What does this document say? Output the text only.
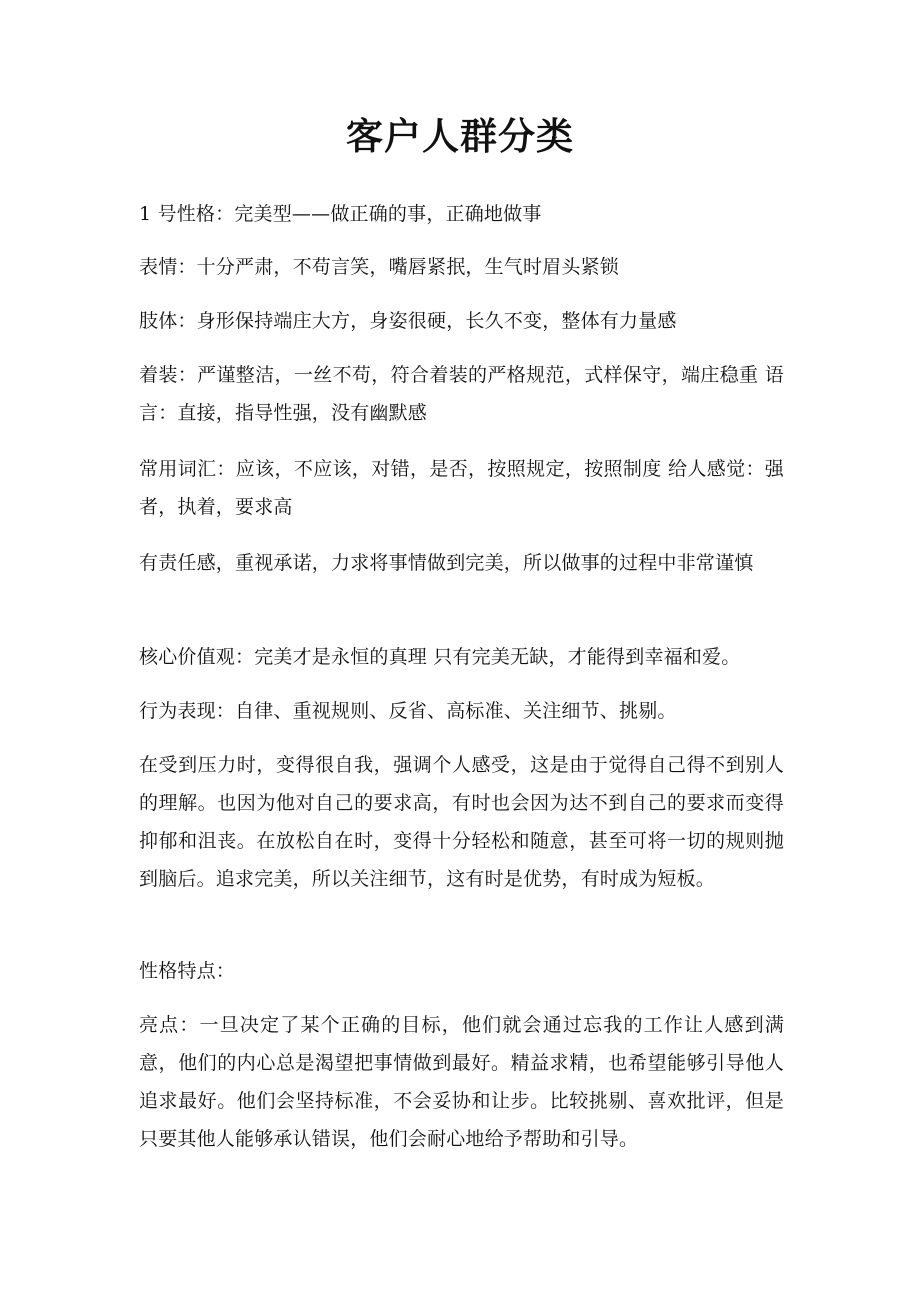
客户人群分类

1 号性格：完美型——做正确的事，正确地做事

表情：十分严肃，不苟言笑，嘴唇紧抿，生气时眉头紧锁

肢体：身形保持端庄大方，身姿很硬，长久不变，整体有力量感

着装：严谨整洁，一丝不苟，符合着装的严格规范，式样保守，端庄稳重 语言：直接，指导性强，没有幽默感

常用词汇：应该，不应该，对错，是否，按照规定，按照制度 给人感觉：强者，执着，要求高

有责任感，重视承诺，力求将事情做到完美，所以做事的过程中非常谨慎

核心价值观：完美才是永恒的真理 只有完美无缺，才能得到幸福和爱。

行为表现：自律、重视规则、反省、高标准、关注细节、挑剔。

在受到压力时，变得很自我，强调个人感受，这是由于觉得自己得不到别人的理解。也因为他对自己的要求高，有时也会因为达不到自己的要求而变得抑郁和沮丧。在放松自在时，变得十分轻松和随意，甚至可将一切的规则抛到脑后。追求完美，所以关注细节，这有时是优势，有时成为短板。

性格特点：

亮点：一旦决定了某个正确的目标，他们就会通过忘我的工作让人感到满意，他们的内心总是渴望把事情做到最好。精益求精，也希望能够引导他人追求最好。他们会坚持标准，不会妥协和让步。比较挑剔、喜欢批评，但是只要其他人能够承认错误，他们会耐心地给予帮助和引导。
